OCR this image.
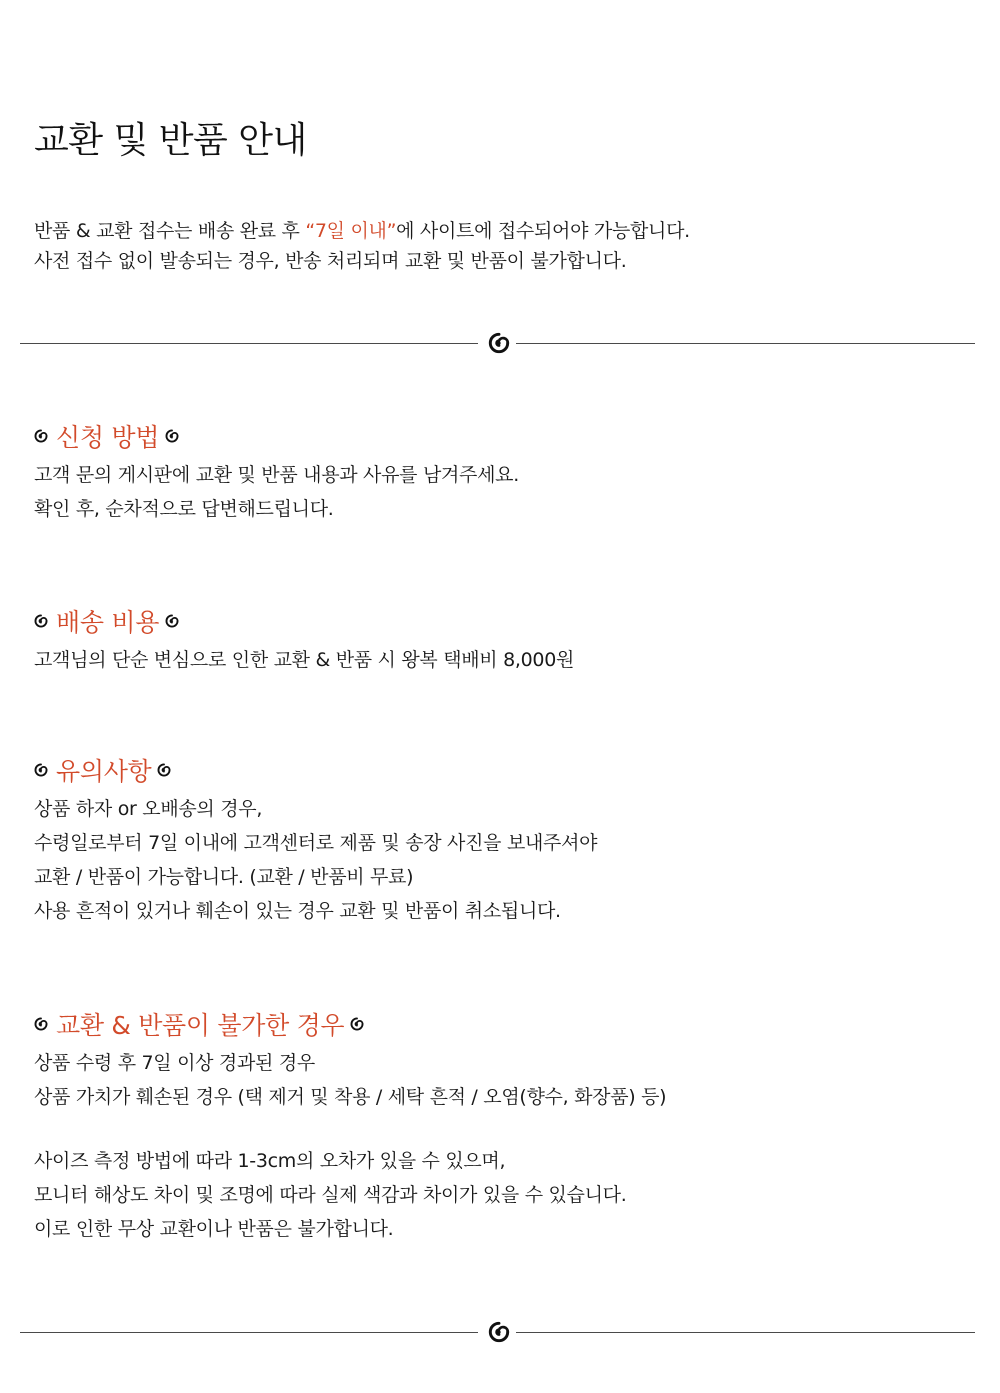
교환 및 반품 안내
반품 & 교환 접수는 배송 완료 후 “7일 이내”에 사이트에 접수되어야 가능합니다.
사전 접수 없이 발송되는 경우, 반송 처리되며 교환 및 반품이 불가합니다.
신청 방법
고객 문의 게시판에 교환 및 반품 내용과 사유를 남겨주세요.
확인 후, 순차적으로 답변해드립니다.
배송 비용
고객님의 단순 변심으로 인한 교환 & 반품 시 왕복 택배비 8,000원
유의사항
상품 하자 or 오배송의 경우,
수령일로부터 7일 이내에 고객센터로 제품 및 송장 사진을 보내주셔야
교환 / 반품이 가능합니다. (교환 / 반품비 무료)
사용 흔적이 있거나 훼손이 있는 경우 교환 및 반품이 취소됩니다.
교환 & 반품이 불가한 경우
상품 수령 후 7일 이상 경과된 경우
상품 가치가 훼손된 경우 (택 제거 및 착용 / 세탁 흔적 / 오염(향수, 화장품) 등)
사이즈 측정 방법에 따라 1-3cm의 오차가 있을 수 있으며,
모니터 해상도 차이 및 조명에 따라 실제 색감과 차이가 있을 수 있습니다.
이로 인한 무상 교환이나 반품은 불가합니다.
